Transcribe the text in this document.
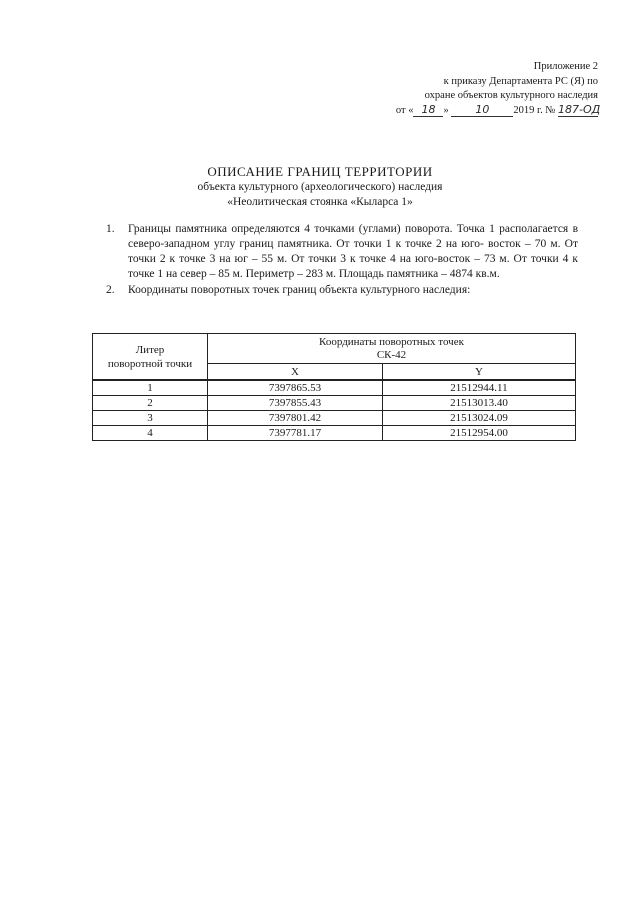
Приложение 2
к приказу Департамента РС (Я) по
охране объектов культурного наследия
от « 18 » 10 2019 г. № 187-ОД
ОПИСАНИЕ ГРАНИЦ ТЕРРИТОРИИ
объекта культурного (археологического) наследия
«Неолитическая стоянка «Кыларса 1»
1. Границы памятника определяются 4 точками (углами) поворота. Точка 1 располагается в северо-западном углу границ памятника. От точки 1 к точке 2 на юго- восток – 70 м. От точки 2 к точке 3 на юг – 55 м. От точки 3 к точке 4 на юго-восток – 73 м. От точки 4 к точке 1 на север – 85 м. Периметр – 283 м. Площадь памятника – 4874 кв.м.
2. Координаты поворотных точек границ объекта культурного наследия:
Литер
поворотной точки	Координаты поворотных точек
СК-42	
	X	Y
1	7397865.53	21512944.11
2	7397855.43	21513013.40
3	7397801.42	21513024.09
4	7397781.17	21512954.00
